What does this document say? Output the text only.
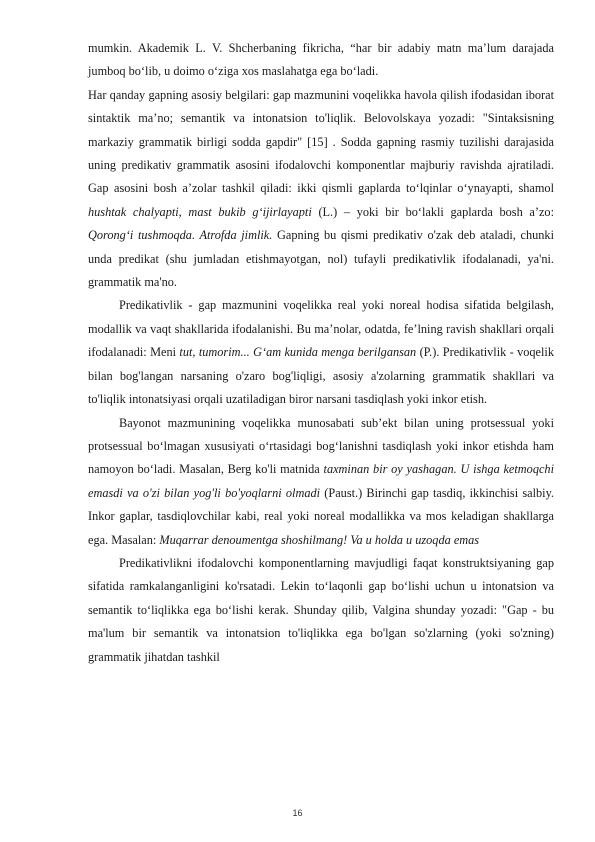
mumkin. Akademik L. V. Shcherbaning fikricha, “har bir adabiy matn ma’lum darajada jumboq bo‘lib, u doimo o‘ziga xos maslahatga ega bo‘ladi.

Har qanday gapning asosiy belgilari: gap mazmunini voqelikka havola qilish ifodasidan iborat sintaktik ma’no; semantik va intonatsion to'liqlik. Belovolskaya yozadi: "Sintaksisning markaziy grammatik birligi sodda gapdir" [15] . Sodda gapning rasmiy tuzilishi darajasida uning predikativ grammatik asosini ifodalovchi komponentlar majburiy ravishda ajratiladi. Gap asosini bosh a’zolar tashkil qiladi: ikki qismli gaplarda to‘lqinlar o‘ynayapti, shamol hushtak chalyapti, mast bukib g‘ijirlayapti (L.) – yoki bir bo‘lakli gaplarda bosh a’zo: Qorong‘i tushmoqda. Atrofda jimlik. Gapning bu qismi predikativ o'zak deb ataladi, chunki unda predikat (shu jumladan etishmayotgan, nol) tufayli predikativlik ifodalanadi, ya'ni. grammatik ma'no.

Predikativlik - gap mazmunini voqelikka real yoki noreal hodisa sifatida belgilash, modallik va vaqt shakllarida ifodalanishi. Bu ma’nolar, odatda, fe’lning ravish shakllari orqali ifodalanadi: Meni tut, tumorim... G‘am kunida menga berilgansan (P.). Predikativlik - voqelik bilan bog'langan narsaning o'zaro bog'liqligi, asosiy a'zolarning grammatik shakllari va to'liqlik intonatsiyasi orqali uzatiladigan biror narsani tasdiqlash yoki inkor etish.

Bayonot mazmunining voqelikka munosabati sub’ekt bilan uning protsessual yoki protsessual bo‘lmagan xususiyati o‘rtasidagi bog‘lanishni tasdiqlash yoki inkor etishda ham namoyon bo‘ladi. Masalan, Berg ko'li matnida taxminan bir oy yashagan. U ishga ketmoqchi emasdi va o'zi bilan yog'li bo'yoqlarni olmadi (Paust.) Birinchi gap tasdiq, ikkinchisi salbiy. Inkor gaplar, tasdiqlovchilar kabi, real yoki noreal modallikka va mos keladigan shakllarga ega. Masalan: Muqarrar denoumentga shoshilmang! Va u holda u uzoqda emas

Predikativlikni ifodalovchi komponentlarning mavjudligi faqat konstruktsiyaning gap sifatida ramkalanganligini ko'rsatadi. Lekin to‘laqonli gap bo‘lishi uchun u intonatsion va semantik to‘liqlikka ega bo‘lishi kerak. Shunday qilib, Valgina shunday yozadi: "Gap - bu ma'lum bir semantik va intonatsion to'liqlikka ega bo'lgan so'zlarning (yoki so'zning) grammatik jihatdan tashkil

16
